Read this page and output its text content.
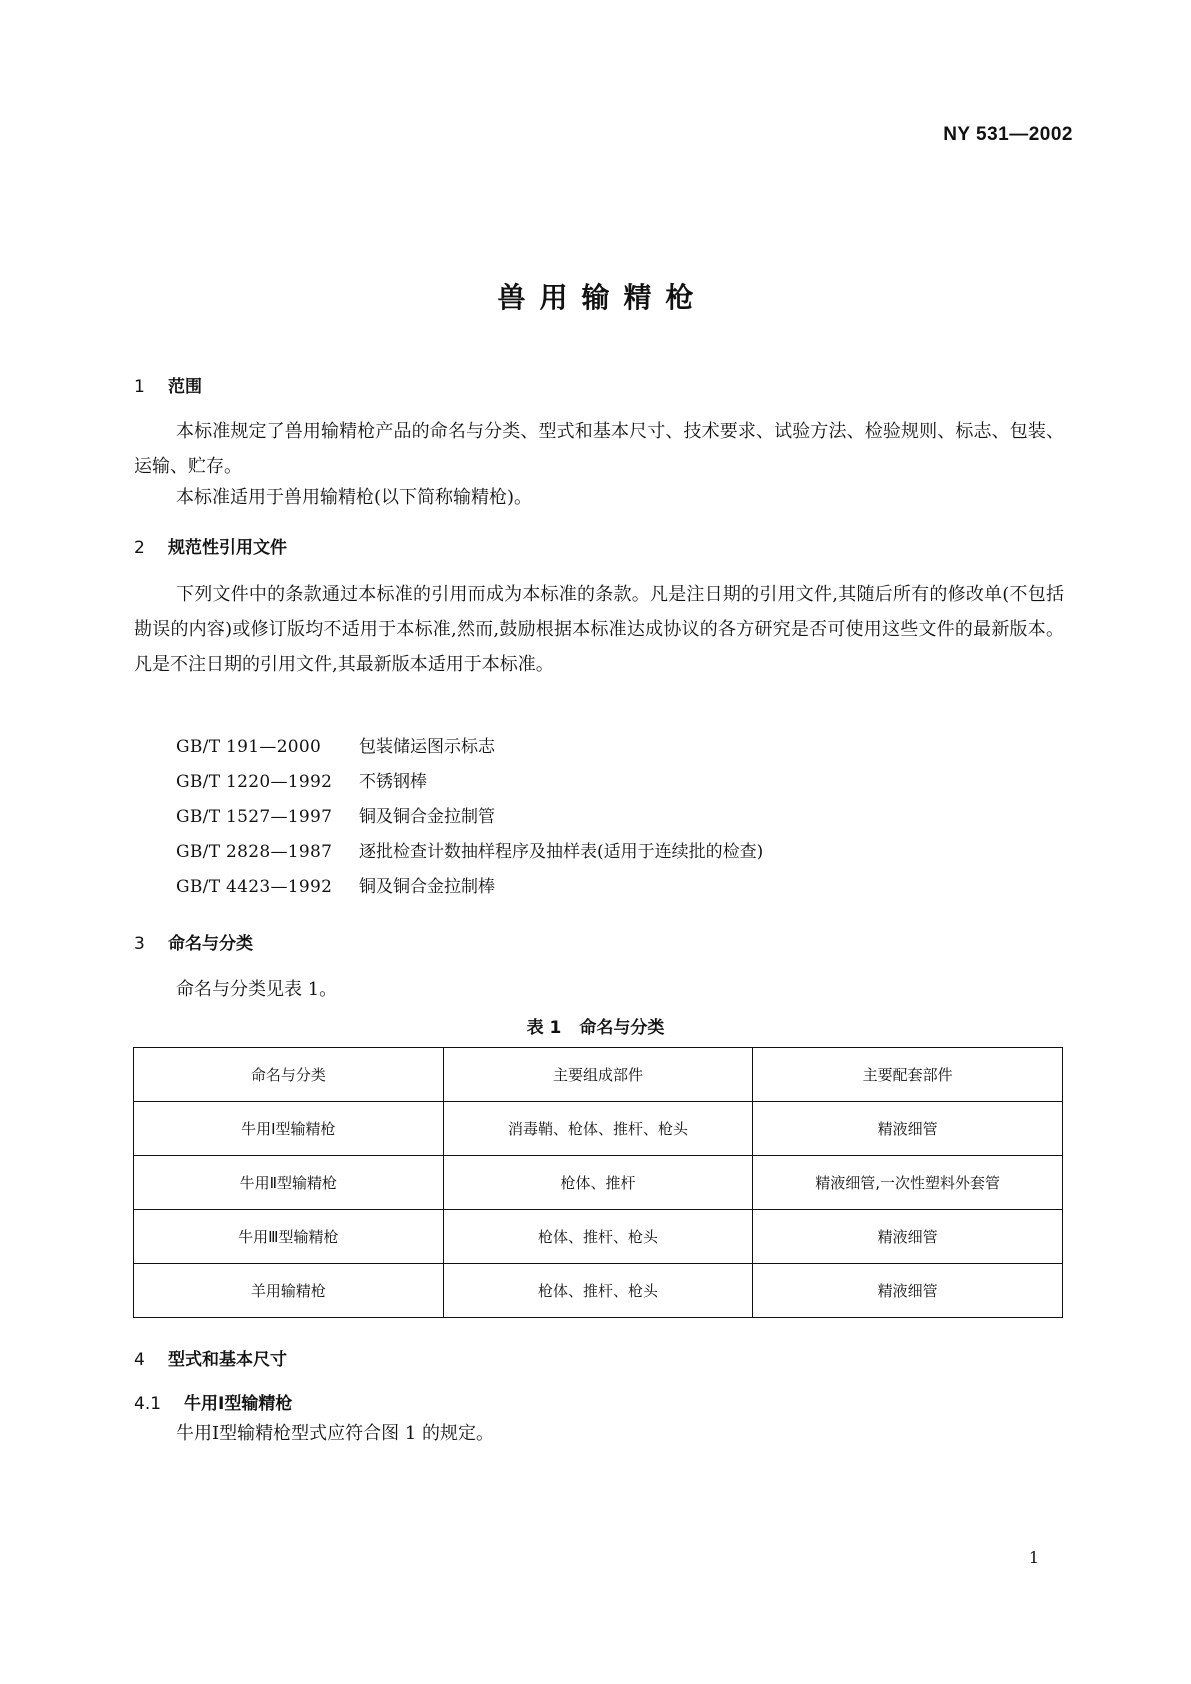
NY 531—2002
兽用输精枪
1 范围
本标准规定了兽用输精枪产品的命名与分类、型式和基本尺寸、技术要求、试验方法、检验规则、标志、包装、运输、贮存。
本标准适用于兽用输精枪(以下简称输精枪)。
2 规范性引用文件
下列文件中的条款通过本标准的引用而成为本标准的条款。凡是注日期的引用文件,其随后所有的修改单(不包括勘误的内容)或修订版均不适用于本标准,然而,鼓励根据本标准达成协议的各方研究是否可使用这些文件的最新版本。凡是不注日期的引用文件,其最新版本适用于本标准。
GB/T 191—2000 包装储运图示标志
GB/T 1220—1992 不锈钢棒
GB/T 1527—1997 铜及铜合金拉制管
GB/T 2828—1987 逐批检查计数抽样程序及抽样表(适用于连续批的检查)
GB/T 4423—1992 铜及铜合金拉制棒
3 命名与分类
命名与分类见表 1。
表 1 命名与分类
命名与分类	主要组成部件	主要配套部件
牛用Ⅰ型输精枪	消毒鞘、枪体、推杆、枪头	精液细管
牛用Ⅱ型输精枪	枪体、推杆	精液细管,一次性塑料外套管
牛用Ⅲ型输精枪	枪体、推杆、枪头	精液细管
羊用输精枪	枪体、推杆、枪头	精液细管
4 型式和基本尺寸
4.1 牛用Ⅰ型输精枪
牛用Ⅰ型输精枪型式应符合图 1 的规定。
1
